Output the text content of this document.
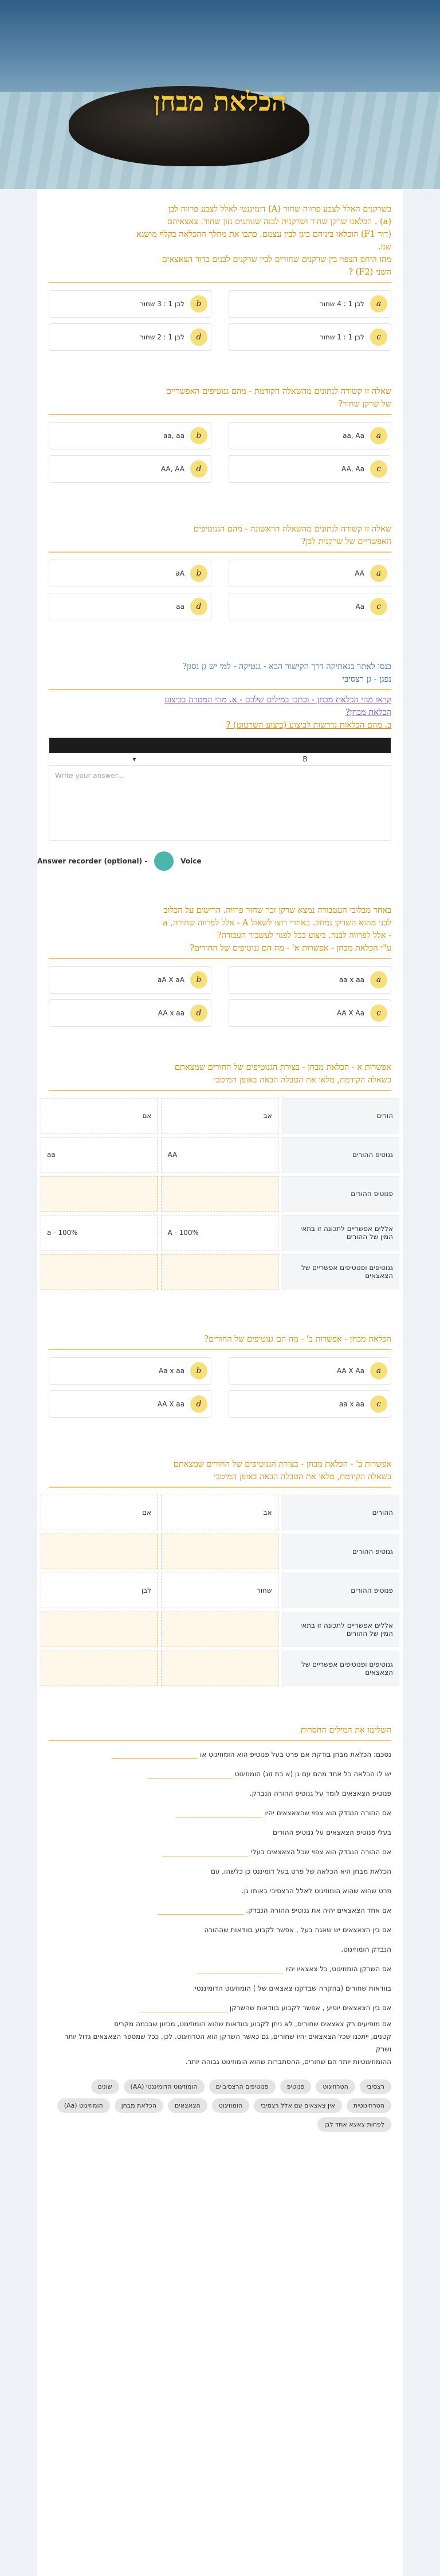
הכלאת מבחן

בשרקנים האלל לצבע פרווה שחור (A) דומיננטי לאלל לצבע פרווה לבן

(a) . הכלאנו שרקן שחור ושרקנית לבנה שנותנים גזון שחור. צאצאיהם

(דור F1) הוכלאו ביניהם ביגן לבין עצמם. כתבו את מהלך ההכלאה בקלף מושגא

שנו.

מהו היחס הצפוי בין שרקנים שחורים לבין שרקנים לבנים בדור הצאצאים

השני (F2) ?

a
לבן 1 : 4 שחור
b
לבן 1 : 3 שחור
c
לבן 1 : 1 שחור
d
לבן 1 : 2 שחור

שאלה זו קשורה לנתונים מהשאלה הקודמת - מהם גנוטיפים האפשריים

של שרקן שחור?

a
aa, Aa
b
aa, aa
c
AA, Aa
d
AA, AA

שאלה זו קשורה לנתונים מהשאלה הראשונה - מהם הגנוטיפים

האפשריים של שרקנית לבן?

a
AA
b
aA
c
Aa
d
aa

כנסו לאתר בגאתיקה דרך הקישור הבא - גנטיקה - למי יש גן נסגן?

נפגן - גן רצסיבי

קראו מהי הכלאת מבחן - וכתבו במילים שלכם - א. מהי המטרה בביצוע

הכלאת מבחן?

ב. מהם הכלאות נדרשות לביצוע (ביצוע השרטוט) ?

▾	B
Write your answer...
Answer recorder (optional) -	Voice

באחד מבלובי העטבורה נמצא שרקן זכר שחור פרווה. הרישום על הכלוב

לבני מתוא השרקן נמחק. כאחרי רוצו לשאול A - אלל לפרווה שחורה, a

- אלל לפרווה לבנה. ביצוע ככל לפנוי לעשבור העבודה?

ע"י הכלאת מבחן - אפשרות א' - מה הם גנוטיפים של החורים?

a
aa x aa
b
aA X aA
c
AA X Aa
d
AA x aa

אפשרות א - הכלאת מבחן - בצורת הגנוטיפים של החורים שמצאתם

בשאלה הקודמת, מלאו את הטבלה הבאה באופן המיטבי

הורים	אב	אם
גנוטיפ ההורים	AA	aa
פנוטיפ ההורים		
אללים אפשריים לתכונה זו בתאי המין של ההורים	A - 100%	a - 100%
גנוטיפים ופנוטיפים אפשריים של הצאצאים		

הכלאת מבחן - אפשרות ב' - מה הם גנוטיפים של החורים?

a
AA X Aa
b
Aa x aa
c
aa x aa
d
AA X aa

אפשרות ב' - הכלאת מבחן - בצורת הגנוטיפים של החורים שמצאתם

בשאלה הקודמת, מלאו את הטבלה הבאה באופן המיטבי

ההורים	אב	אם
גנוטיפ ההורים		
פנוטיפ ההורים	שחור	לבן
אללים אפשריים לתכונה זו בתאי המין של ההורים		
גנוטיפים ופנוטיפים אפשריים של הצאצאים		

השלימו את המילים החסרות

נסכם: הכלאת מבחן בודקת אם פרט בעל פנוטיפ הוא הומוזיגוט או
יש לו הכלאה כל אחד מהם עם גן (א בת זוג) הומוזיגוט
פנוטיפ הצאצאים לומד על גנוטיפ ההורה הנבדק.
אם ההורה הנבדק הוא צפוי שהצאצאים יהיו
בעלי פנוטיפ הצאצאים על גנוטיפ ההורים
אם ההורה הנבדק הוא צפוי שכל הצאצאים בעלי
הכלאת מבחן היא הכלאה של פרט בעל דומיננט כן כלשהו, עם
פרט שהוא שהוא הומוזיגוט לאלל הרצסיבי באותו גן.
אם אחד הצאצאים יהיה את גנוטיפ ההורה הנבדק.
אם בין הצאצאים יש שאגה בעל , אפשר לקבוע בוודאות שההורה
הנבדק הומוזיגוט.
אם השרקן הומוזיגוט, כל צאצאיו יהיו
בוודאות שחורים (בהקרה שבדקנו צאצאים של ) הומוזיגוט הדומיננטי.
אם בין הצאצאים יופיע , אפשר לקבוע בוודאות שהשרקן
אם מופיעים רק צאצאים שחורים, לא ניתן לקבוע בוודאות שהוא הומוזיגוט, מכיוון שבכמה מקרים
קטנים, ייתכנו שכל הצאצאים יהיו שחורים, גם כאשר השרקן הוא הטרוזיגוט. לכן, ככל שמספר הצאצאים גדול יותר ושרק
ההומוזיגוטיות יותר הם שחורים, ההסתברות שהוא הומוזיגוט גבוהה יותר.
רצסיבי
הטרוזיגוט
פנוטיפ
פנוטיפים הרצסיביים
הומוזיגוט הדומיננטי (AA)
שונים
הטרוזיגוטית
אין צאצאים עם אלל רצסיבי
הומוזיגוט
הצאצאים
הכלאת מבחן
הומוזיגוט (Aa)
לפחות צאצא אחד לבן
